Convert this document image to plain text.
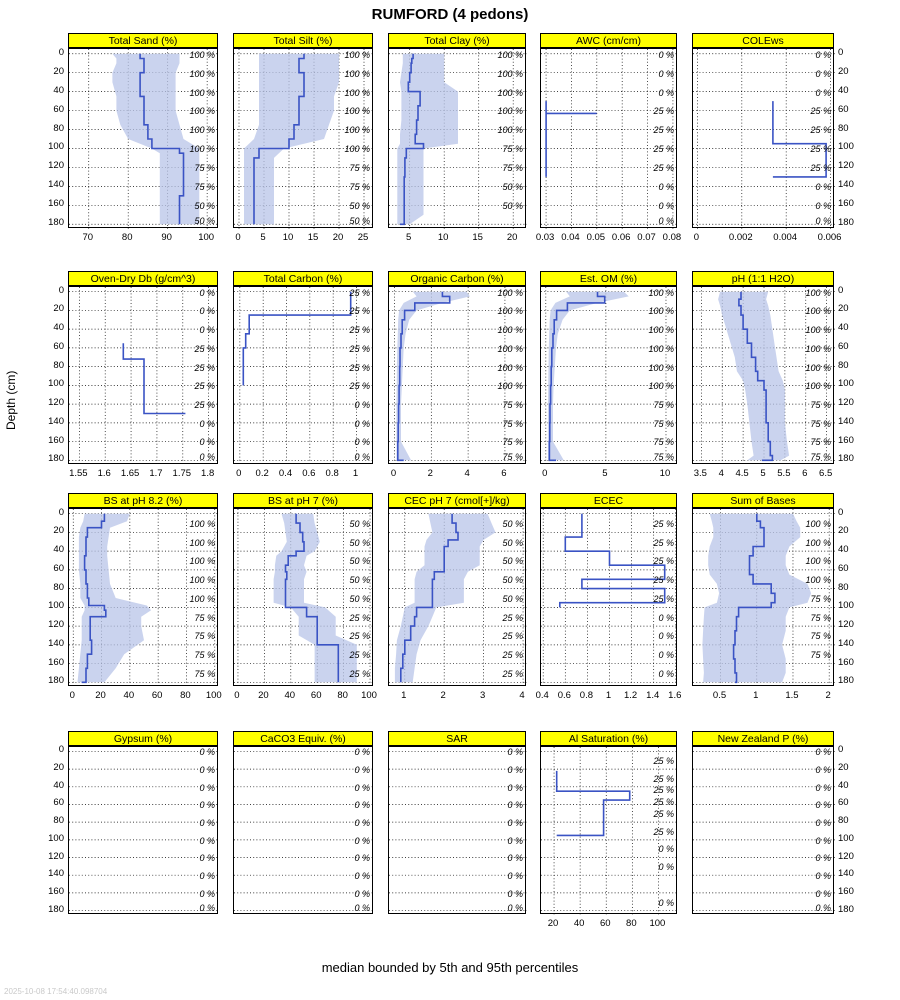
RUMFORD (4 pedons)
Depth (cm)
median bounded by 5th and 95th percentiles
2025-10-08 17:54:40.098704
Total Sand (%)
100 %
100 %
100 %
100 %
100 %
100 %
75 %
75 %
50 %
50 %
70	80	90	100
0
20
40
60
80
100
120
140
160
180
Total Silt (%)
100 %
100 %
100 %
100 %
100 %
100 %
75 %
75 %
50 %
50 %
0	5	10	15	20	25
Total Clay (%)
100 %
100 %
100 %
100 %
100 %
75 %
75 %
50 %
50 %
5	10	15	20
AWC (cm/cm)
0 %
0 %
0 %
25 %
25 %
25 %
25 %
0 %
0 %
0 %
0.03 0.04 0.05 0.06 0.07 0.08
COLEws
0 %
0 %
0 %
25 %
25 %
25 %
25 %
0 %
0 %
0 %
0	0.002	0.004	0.006
0
20
40
60
80
100
120
140
160
180
Oven-Dry Db (g/cm^3)
0 %
0 %
0 %
25 %
25 %
25 %
25 %
0 %
0 %
0 %
1.55	1.6	1.65	1.7	1.75	1.8
0
20
40
60
80
100
120
140
160
180
Total Carbon (%)
25 %
25 %
25 %
25 %
25 %
25 %
0 %
0 %
0 %
0 %
0	0.2	0.4	0.6	0.8	1
Organic Carbon (%)
100 %
100 %
100 %
100 %
100 %
100 %
75 %
75 %
75 %
75 %
0	2	4	6
Est. OM (%)
100 %
100 %
100 %
100 %
100 %
100 %
75 %
75 %
75 %
75 %
0	5	10
pH (1:1 H2O)
100 %
100 %
100 %
100 %
100 %
100 %
75 %
75 %
75 %
75 %
3.5	4	4.5	5	5.5	6	6.5
0
20
40
60
80
100
120
140
160
180
BS at pH 8.2 (%)
100 %
100 %
100 %
100 %
100 %
75 %
75 %
75 %
75 %
0	20	40	60	80	100
0
20
40
60
80
100
120
140
160
180
BS at pH 7 (%)
50 %
50 %
50 %
50 %
50 %
25 %
25 %
25 %
25 %
0	20	40	60	80	100
CEC pH 7 (cmol[+]/kg)
50 %
50 %
50 %
50 %
50 %
25 %
25 %
25 %
25 %
1	2	3	4
ECEC
25 %
25 %
25 %
25 %
25 %
0 %
0 %
0 %
0 %
0.4 0.6 0.8	1	1.2 1.4 1.6
Sum of Bases
100 %
100 %
100 %
100 %
75 %
75 %
75 %
75 %
0.5	1	1.5	2
0
20
40
60
80
100
120
140
160
180
Gypsum (%)
0 %
0 %
0 %
0 %
0 %
0 %
0 %
0 %
0 %
0 %
0
20
40
60
80
100
120
140
160
180
CaCO3 Equiv. (%)
0 %
0 %
0 %
0 %
0 %
0 %
0 %
0 %
0 %
0 %
SAR
0 %
0 %
0 %
0 %
0 %
0 %
0 %
0 %
0 %
0 %
Al Saturation (%)
25 %
25 %
25 %
25 %
25 %
25 %
0 %
0 %
0 %
20	40	60	80	100
New Zealand P (%)
0 %
0 %
0 %
0 %
0 %
0 %
0 %
0 %
0 %
0 %
0
20
40
60
80
100
120
140
160
180
